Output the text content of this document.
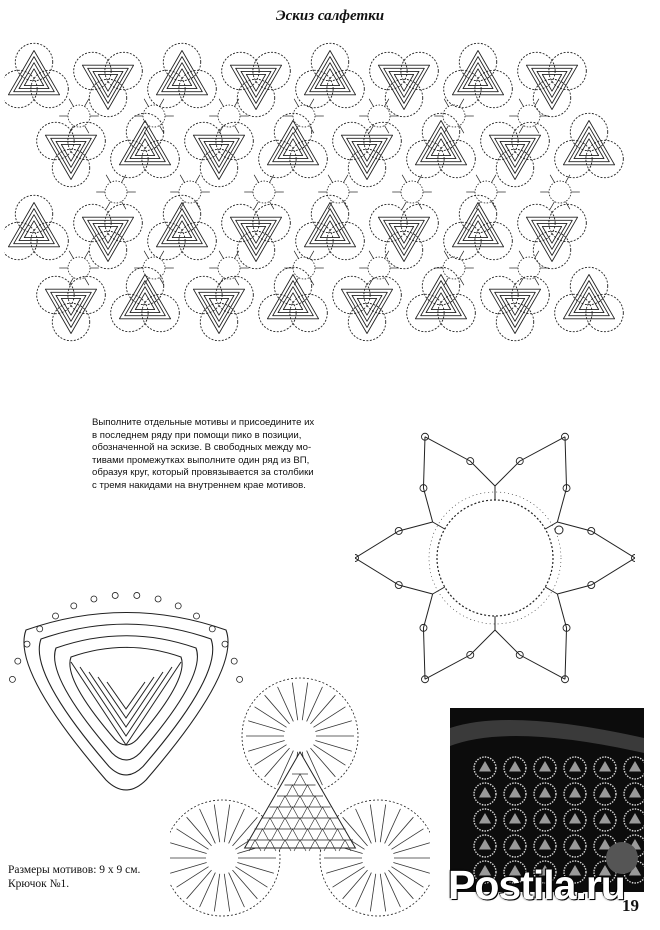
Эскиз салфетки

Выполните отдельные мотивы и присоедините их

в последнем ряду при помощи пико в позиции,

обозначенной на эскизе. В свободных между мо-

тивами промежутках выполните один ряд из ВП,

образуя круг, который провязывается за столбики

с тремя накидами на внутреннем крае мотивов.

Размеры мотивов: 9 х 9 см.
Крючок №1.	Postila.ru
19
